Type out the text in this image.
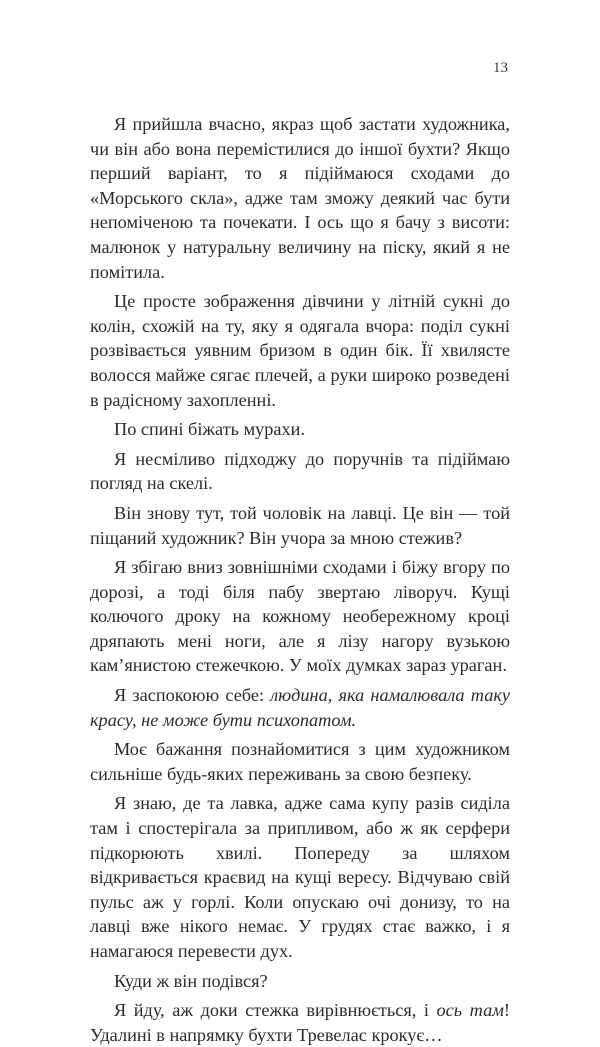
13

Я прийшла вчасно, якраз щоб застати художника, чи він або вона перемістилися до іншої бухти? Якщо перший варіант, то я підіймаюся сходами до «Морського скла», адже там зможу деякий час бути непоміченою та почекати. І ось що я бачу з висоти: малюнок у натуральну величину на піску, який я не помітила.

Це просте зображення дівчини у літній сукні до колін, схожій на ту, яку я одягала вчора: поділ сукні розвівається уявним бризом в один бік. Її хвилясте волосся майже сягає плечей, а руки широко розведені в радісному захопленні.

По спині біжать мурахи.

Я несміливо підходжу до поручнів та підіймаю погляд на скелі.

Він знову тут, той чоловік на лавці. Це він — той піщаний художник? Він учора за мною стежив?

Я збігаю вниз зовнішніми сходами і біжу вгору по дорозі, а тоді біля пабу звертаю ліворуч. Кущі колючого дроку на кожному необережному кроці дряпають мені ноги, але я лізу нагору вузькою кам’янистою стежечкою. У моїх думках зараз ураган.

Я заспокоюю себе: людина, яка намалювала таку красу, не може бути психопатом.

Моє бажання познайомитися з цим художником сильніше будь-яких переживань за свою безпеку.

Я знаю, де та лавка, адже сама купу разів сиділа там і спостерігала за припливом, або ж як серфери підкорюють хвилі. Попереду за шляхом відкривається краєвид на кущі вересу. Відчуваю свій пульс аж у горлі. Коли опускаю очі донизу, то на лавці вже нікого немає. У грудях стає важко, і я намагаюся перевести дух.

Куди ж він подівся?

Я йду, аж доки стежка вирівнюється, і ось там! Удалині в напрямку бухти Тревелас крокує…
